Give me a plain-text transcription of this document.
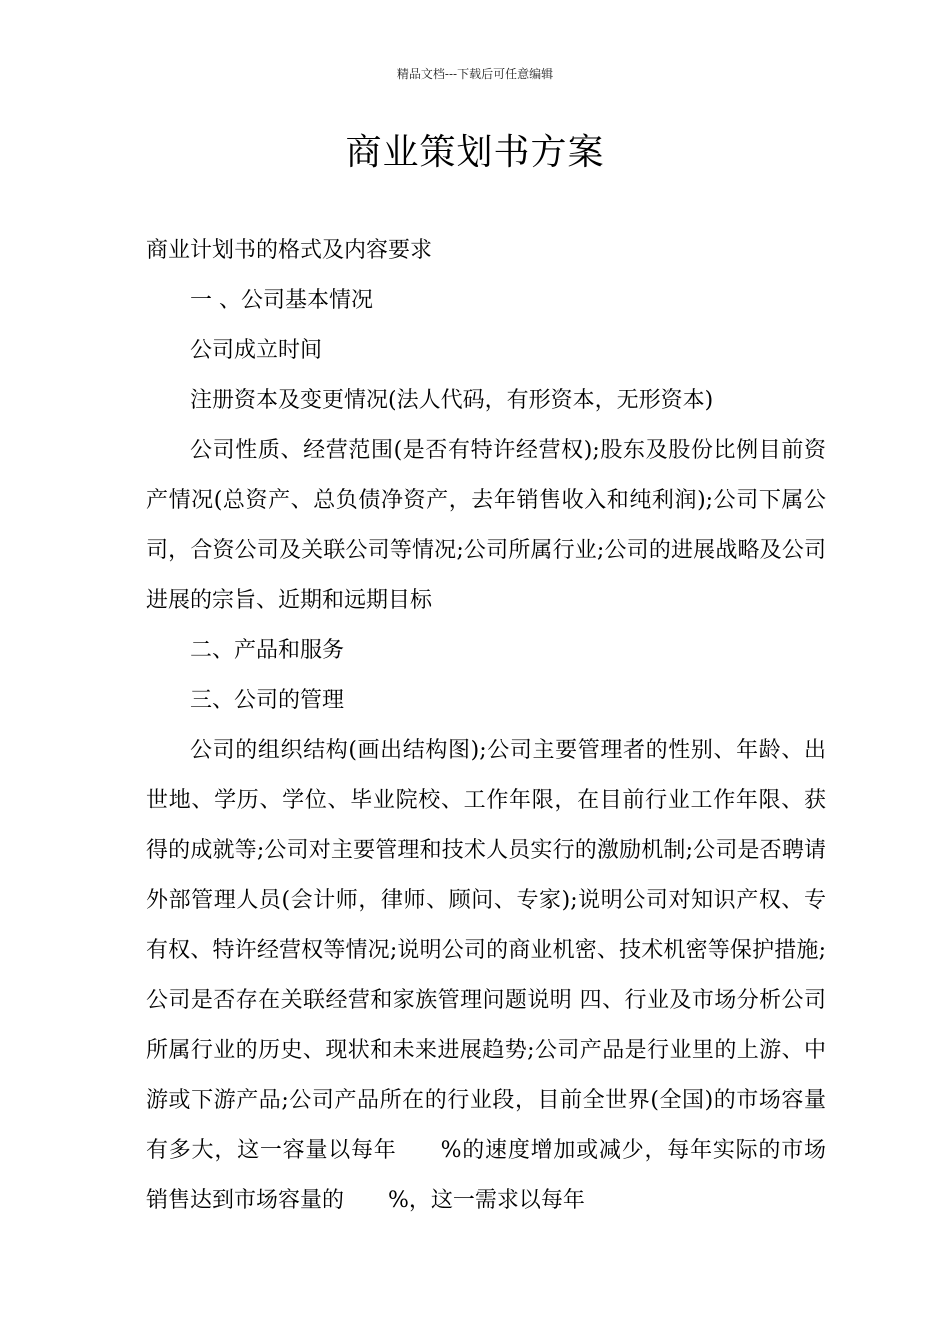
精品文档---下载后可任意编辑
商业策划书方案

商业计划书的格式及内容要求

一 、公司基本情况

公司成立时间

注册资本及变更情况(法人代码，有形资本，无形资本)

公司性质、经营范围(是否有特许经营权);股东及股份比例目前资产情况(总资产、总负债净资产，去年销售收入和纯利润);公司下属公司，合资公司及关联公司等情况;公司所属行业;公司的进展战略及公司进展的宗旨、近期和远期目标

二、产品和服务

三、公司的管理

公司的组织结构(画出结构图);公司主要管理者的性别、年龄、出世地、学历、学位、毕业院校、工作年限，在目前行业工作年限、获得的成就等;公司对主要管理和技术人员实行的激励机制;公司是否聘请外部管理人员(会计师，律师、顾问、专家);说明公司对知识产权、专有权、特许经营权等情况;说明公司的商业机密、技术机密等保护措施;公司是否存在关联经营和家族管理问题说明 四、行业及市场分析公司所属行业的历史、现状和未来进展趋势;公司产品是行业里的上游、中游或下游产品;公司产品所在的行业段，目前全世界(全国)的市场容量有多大，这一容量以每年 %的速度增加或减少，每年实际的市场销售达到市场容量的 %，这一需求以每年
